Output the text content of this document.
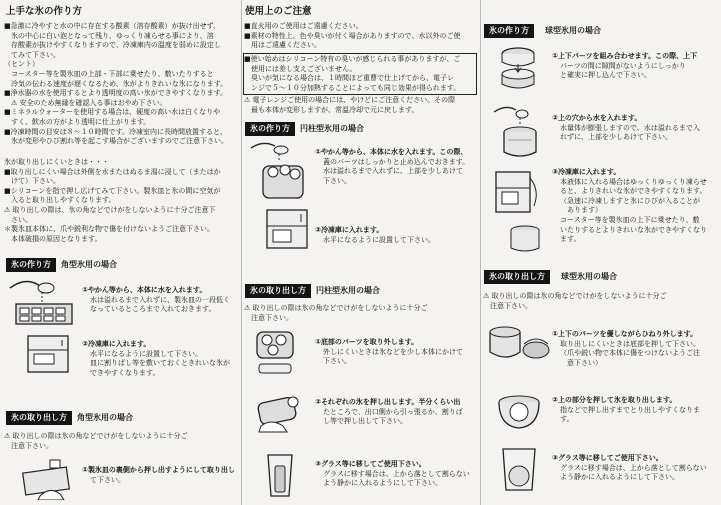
上手な氷の作り方
■急激に冷やすと水の中に存在する酸素（溶存酸素）が抜け出せず、
　氷の中心に白い泡となって残り、ゆっくり凍らせる事により、溶
　存酸素が抜けやすくなりますので、冷凍庫内の温度を弱めに設定し
　てみて下さい。
（ヒント）
　コースター等を製氷皿の上部・下部に乗せたり、敷いたりすると
　冷気の伝わる速度が遅くなるため、氷がよりきれいな氷になります。
■浄水器の水を使用するとより透明度の高い氷ができやすくなります。
　⚠ 安全のため無縁を確認入る事はおやめ下さい。
■ミネラルウォーターを使用する場合は、硬度の高い水は白くなりや
　すく、飲水の方がより透明に仕上がります。
■冷凍時間の目安は８～１０時間です。冷凍室内に長時間放置すると、
　氷が変形やひび割れ等を起こす場合がございますのでご注意下さい。
氷が取り出しにくいときは・・・
■取り出しにくい場合は外側を水またはぬるま湯に浸して（またはか
　けて）下さい。
■シリコーンを指で押し広げてみて下さい。製氷皿と氷の間に空気が
　入ると取り出しやすくなります。
⚠ 取り出しの際は、氷の角などでけがをしないように十分ご注意下
　さい。
＊製氷皿本体に、爪や鋭利な物で傷を付けないようご注意下さい。
　本体破損の原因となります。
氷の作り方	角型氷用の場合
①やかん等から、本体に水を入れます。
水は溢れるまで入れずに、製氷皿の一段低く
なっているところまで入れておきます。
②冷凍庫に入れます。
水平になるように設置して下さい。
皿に割りばし等を敷いておくときれいな氷が
できやすくなります。
氷の取り出し方	角型氷用の場合
⚠ 取り出しの際は氷の角などでけがをしないように十分ご
　注意下さい。
①製氷皿の裏側から押し出すようにして取り出し
て下さい。
使用上のご注意
■直火用のご使用はご遠慮ください。
■素材の特性上、色や臭いが付く場合がありますので、水以外のご使
　用はご遠慮ください。
■使い始めはシリコーン特有の臭いが感じられる事がありますが、ご
　使用には差し支えございません。
　臭いが気になる場合は、１時間ほど重曹で仕上げてから、電子レ
　ンジで５～１０分加熱することによっても同じ効果が得られます。
⚠ 電子レンジご使用の場合には、やけどにご注意ください。その際
　最も本体が変形しますが、常温冷却で元に戻します。
氷の作り方	円柱型氷用の場合
①やかん等から、本体に水を入れます。この際、
蓋のパーツはしっかりと止め込んでおきます。
水は溢れるまで入れずに、上部を少しあけて
下さい。
②冷凍庫に入れます。
水平になるように設置して下さい。
氷の取り出し方	円柱型氷用の場合
⚠ 取り出しの際は氷の角などでけがをしないように十分ご
　注意下さい。
①底部のパーツを取り外します。
外しにくいときは氷などを少し本体にかけて
下さい。
②それぞれの氷を押し出します。半分くらい出
たところで、出口側から引っ張るか、割りば
し等で押し出して下さい。
③グラス等に移してご使用下さい。
グラスに移す場合は、上から落として割らない
よう静かに入れるようにして下さい。
氷の作り方	球型氷用の場合
①上下パーツを組み合わせます。この際、上下
パーツの間に隙間がないようにしっかり
と確実に押し込んで下さい。
②上の穴から水を入れます。
水量体が膨張しますので、水は溢れるまで入
れずに、上部を少しあけて下さい。
③冷凍庫に入れます。
本液体に入れる場合はゆっくりゆっくり凍らせ
ると、よりきれいな氷ができやすくなります。
（急速に冷凍しますと氷にひびが入ることが
　あります）
コースター等を製氷皿の上下に乗せたり、敷
いたりするとよりきれいな氷ができやすくなり
ます。
氷の取り出し方	球型氷用の場合
⚠ 取り出しの際は氷の角などでけがをしないように十分ご
　注意下さい。
①上下のパーツを優しながらひねり外します。
取り出しにくいときは底部を押して下さい。
（爪や鋭い物で本体に傷をつけないようご注
　意下さい）
②上の部分を押して氷を取り出します。
指などで押し出すまでとり出しやすくなりま
す。
③グラス等に移してご使用下さい。
グラスに移す場合は、上から落として割らない
よう静かに入れるようにして下さい。
